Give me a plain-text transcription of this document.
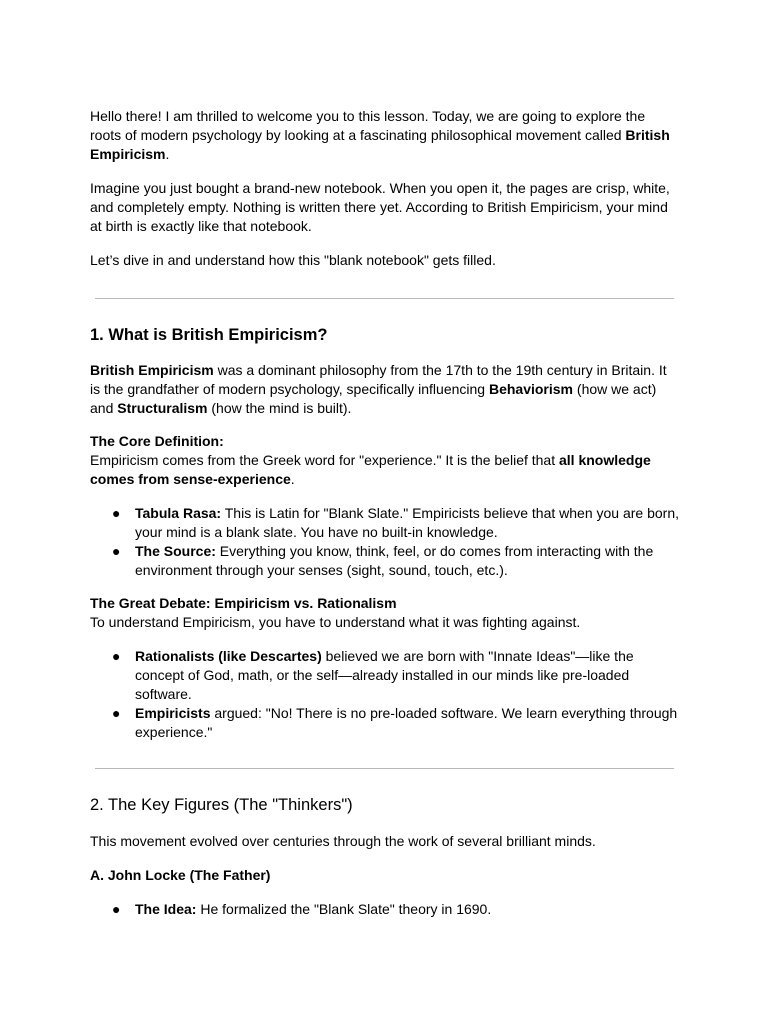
Hello there! I am thrilled to welcome you to this lesson. Today, we are going to explore the roots of modern psychology by looking at a fascinating philosophical movement called British Empiricism.

Imagine you just bought a brand-new notebook. When you open it, the pages are crisp, white, and completely empty. Nothing is written there yet. According to British Empiricism, your mind at birth is exactly like that notebook.

Let’s dive in and understand how this "blank notebook" gets filled.

1. What is British Empiricism?

British Empiricism was a dominant philosophy from the 17th to the 19th century in Britain. It is the grandfather of modern psychology, specifically influencing Behaviorism (how we act) and Structuralism (how the mind is built).

The Core Definition:

Empiricism comes from the Greek word for "experience." It is the belief that all knowledge comes from sense-experience.

● Tabula Rasa: This is Latin for "Blank Slate." Empiricists believe that when you are born, your mind is a blank slate. You have no built-in knowledge.
● The Source: Everything you know, think, feel, or do comes from interacting with the environment through your senses (sight, sound, touch, etc.).

The Great Debate: Empiricism vs. Rationalism

To understand Empiricism, you have to understand what it was fighting against.

● Rationalists (like Descartes) believed we are born with "Innate Ideas"—like the concept of God, math, or the self—already installed in our minds like pre-loaded software.
● Empiricists argued: "No! There is no pre-loaded software. We learn everything through experience."
2. The Key Figures (The "Thinkers")

This movement evolved over centuries through the work of several brilliant minds.

A. John Locke (The Father)

● The Idea: He formalized the "Blank Slate" theory in 1690.
